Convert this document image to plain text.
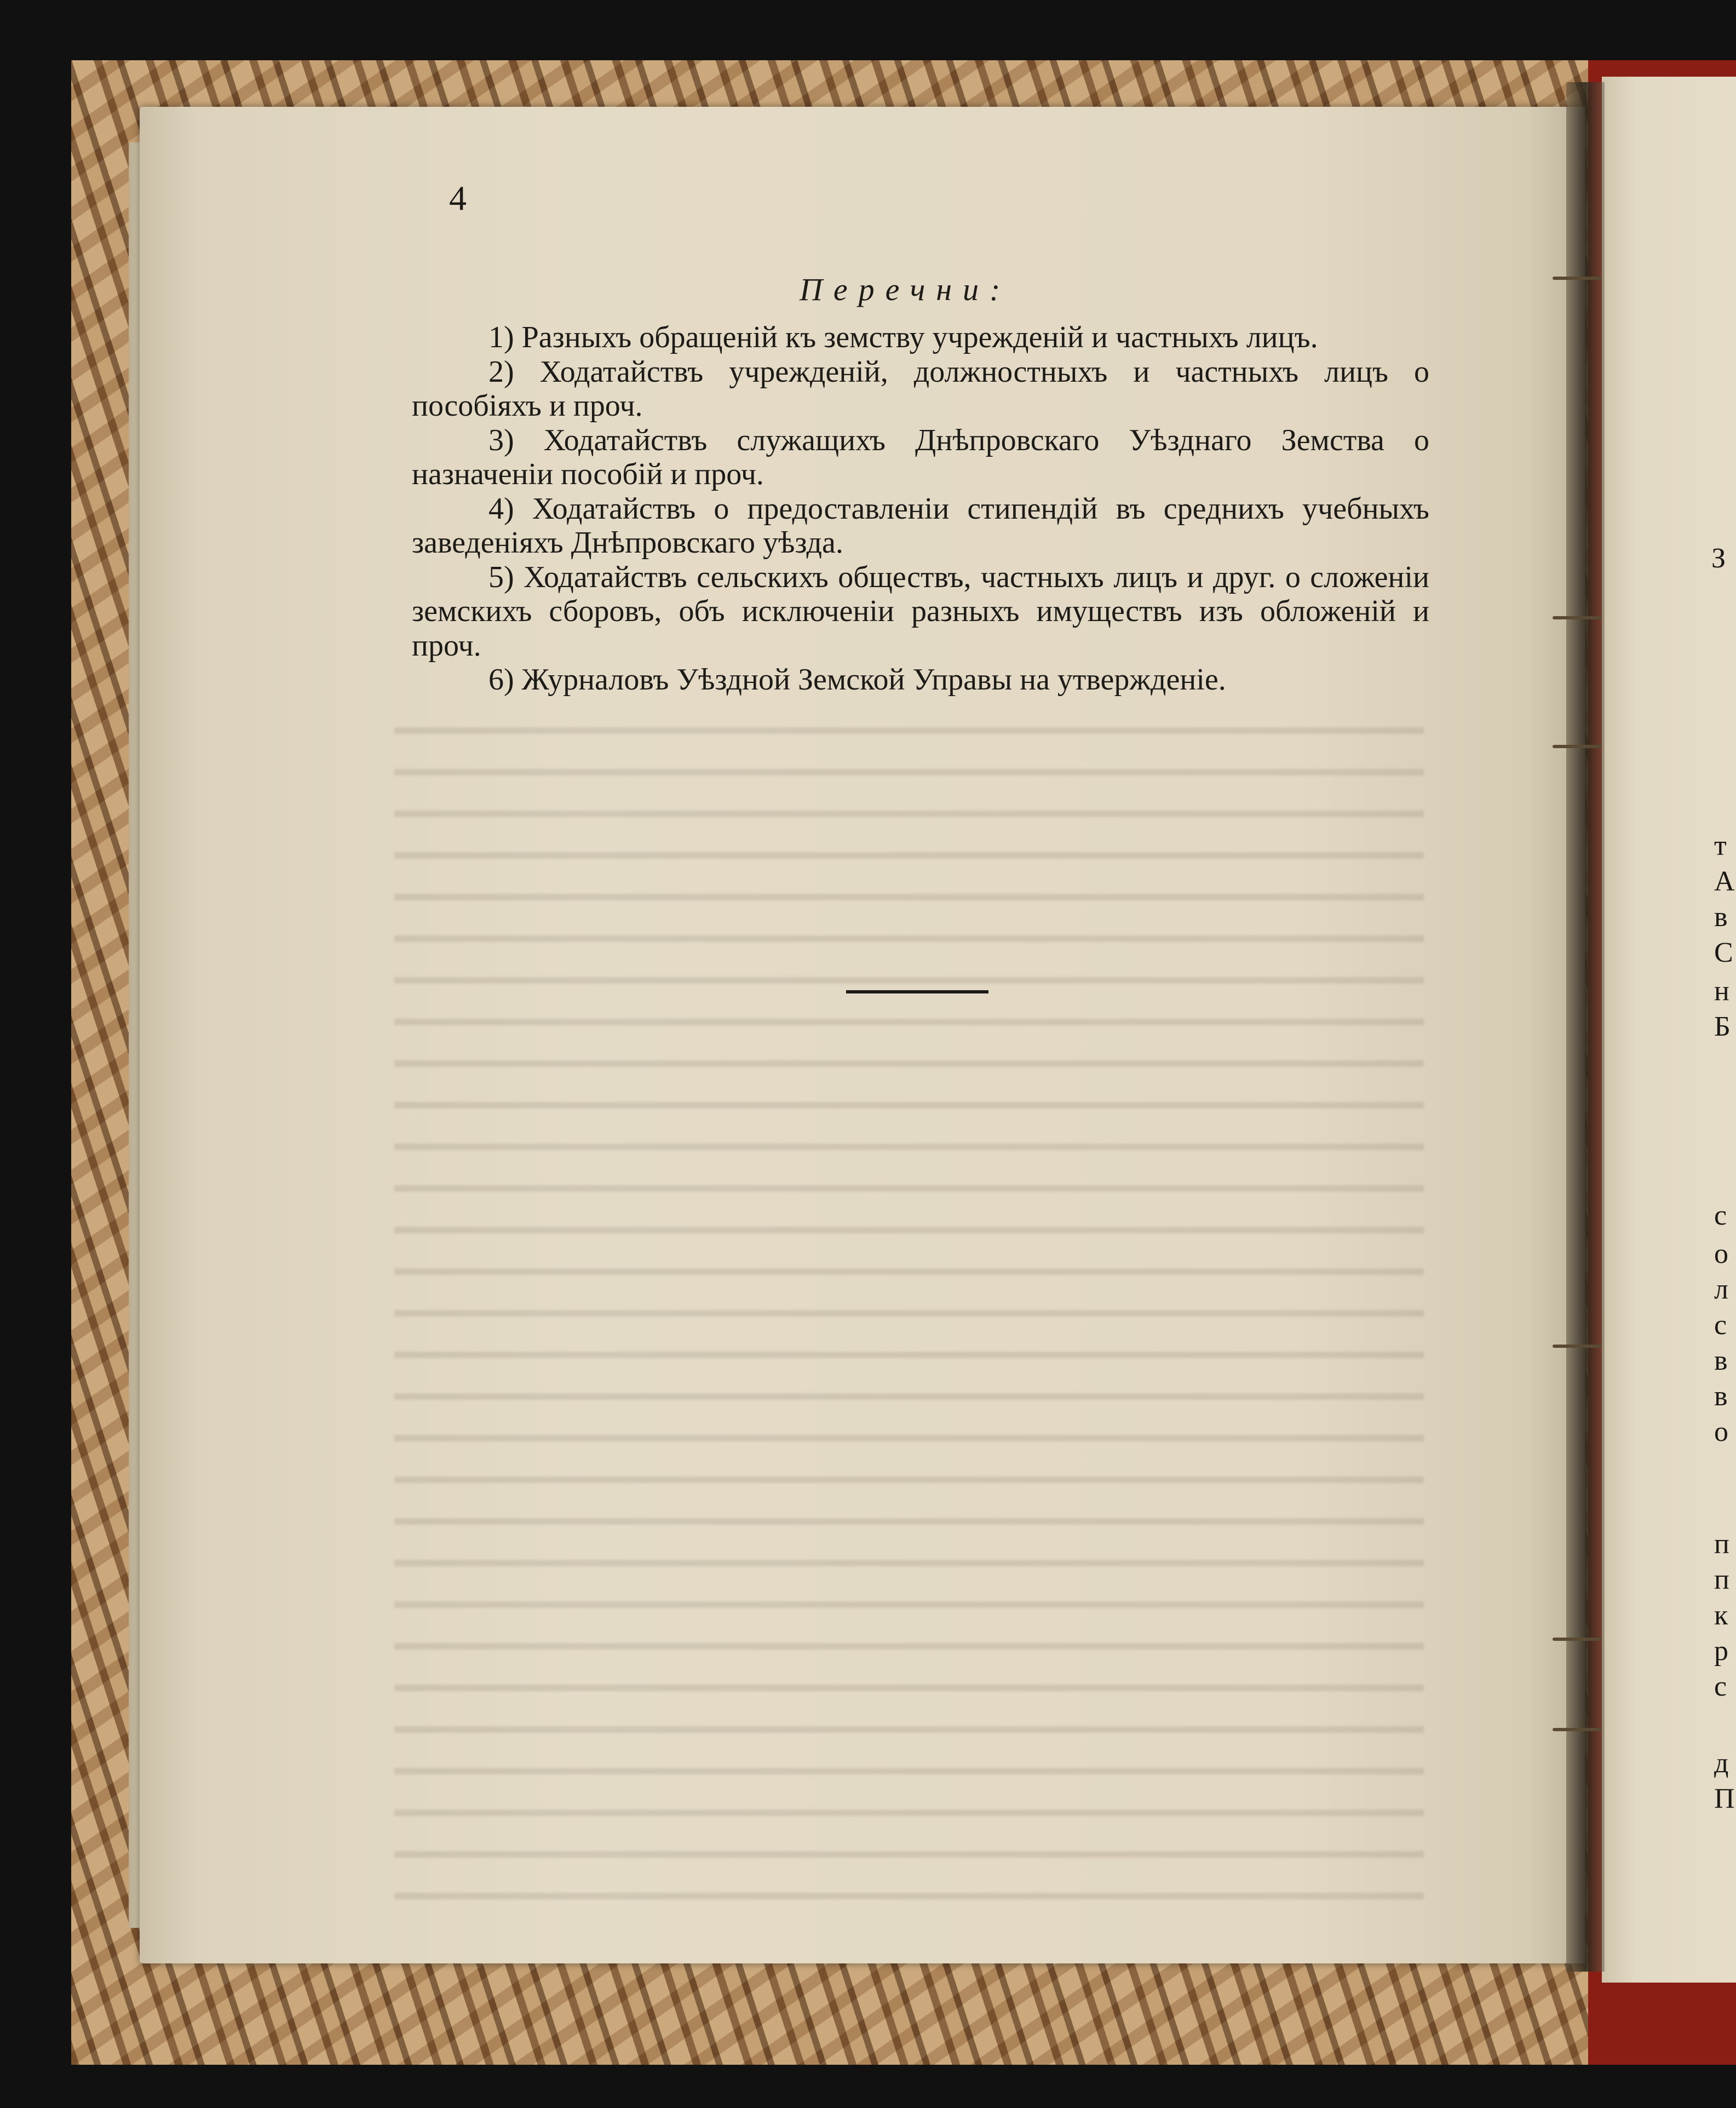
З
т
А
в
С
н
Б
с
о
л
с
в
в
о
п
п
к
р
с
д
П
4
Перечни:

1) Разныхъ обращеній къ земству учрежденій и частныхъ лицъ.

2) Ходатайствъ учрежденій, должностныхъ и частныхъ лицъ о пособіяхъ и проч.

3) Ходатайствъ служащихъ Днѣпровскаго Уѣзднаго Земства о назначеніи пособій и проч.

4) Ходатайствъ о предоставленіи стипендій въ среднихъ учебныхъ заведеніяхъ Днѣпровскаго уѣзда.

5) Ходатайствъ сельскихъ обществъ, частныхъ лицъ и друг. о сложеніи земскихъ сборовъ, объ исключеніи разныхъ имуществъ изъ обложеній и проч.

6) Журналовъ Уѣздной Земской Управы на утвержденіе.
